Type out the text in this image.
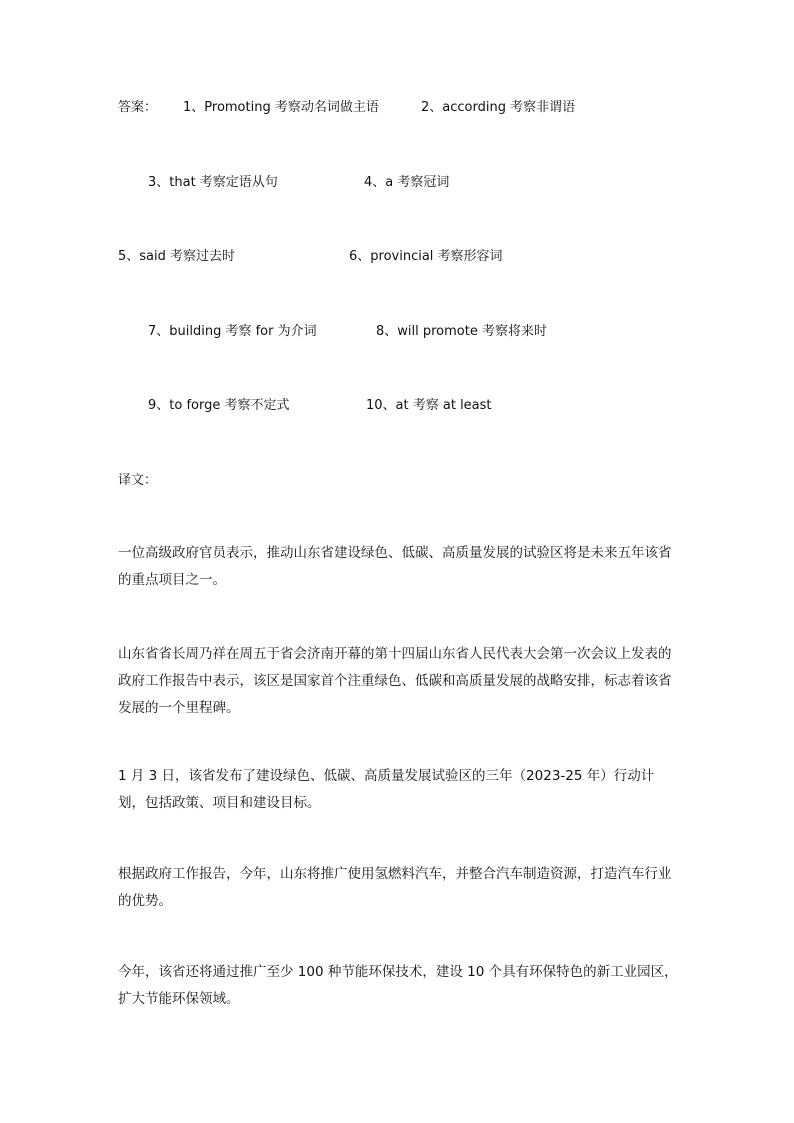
答案： 1、Promoting 考察动名词做主语	2、according 考察非谓语
3、that 考察定语从句	4、a 考察冠词
5、said 考察过去时	6、provincial 考察形容词
7、building 考察 for 为介词	8、will promote 考察将来时
9、to forge 考察不定式	10、at 考察 at least
译文：
一位高级政府官员表示，推动山东省建设绿色、低碳、高质量发展的试验区将是未来五年该省的重点项目之一。
山东省省长周乃祥在周五于省会济南开幕的第十四届山东省人民代表大会第一次会议上发表的政府工作报告中表示，该区是国家首个注重绿色、低碳和高质量发展的战略安排，标志着该省发展的一个里程碑。
1 月 3 日，该省发布了建设绿色、低碳、高质量发展试验区的三年（2023-25 年）行动计划，包括政策、项目和建设目标。
根据政府工作报告，今年，山东将推广使用氢燃料汽车，并整合汽车制造资源，打造汽车行业的优势。
今年，该省还将通过推广至少 100 种节能环保技术，建设 10 个具有环保特色的新工业园区，扩大节能环保领域。
